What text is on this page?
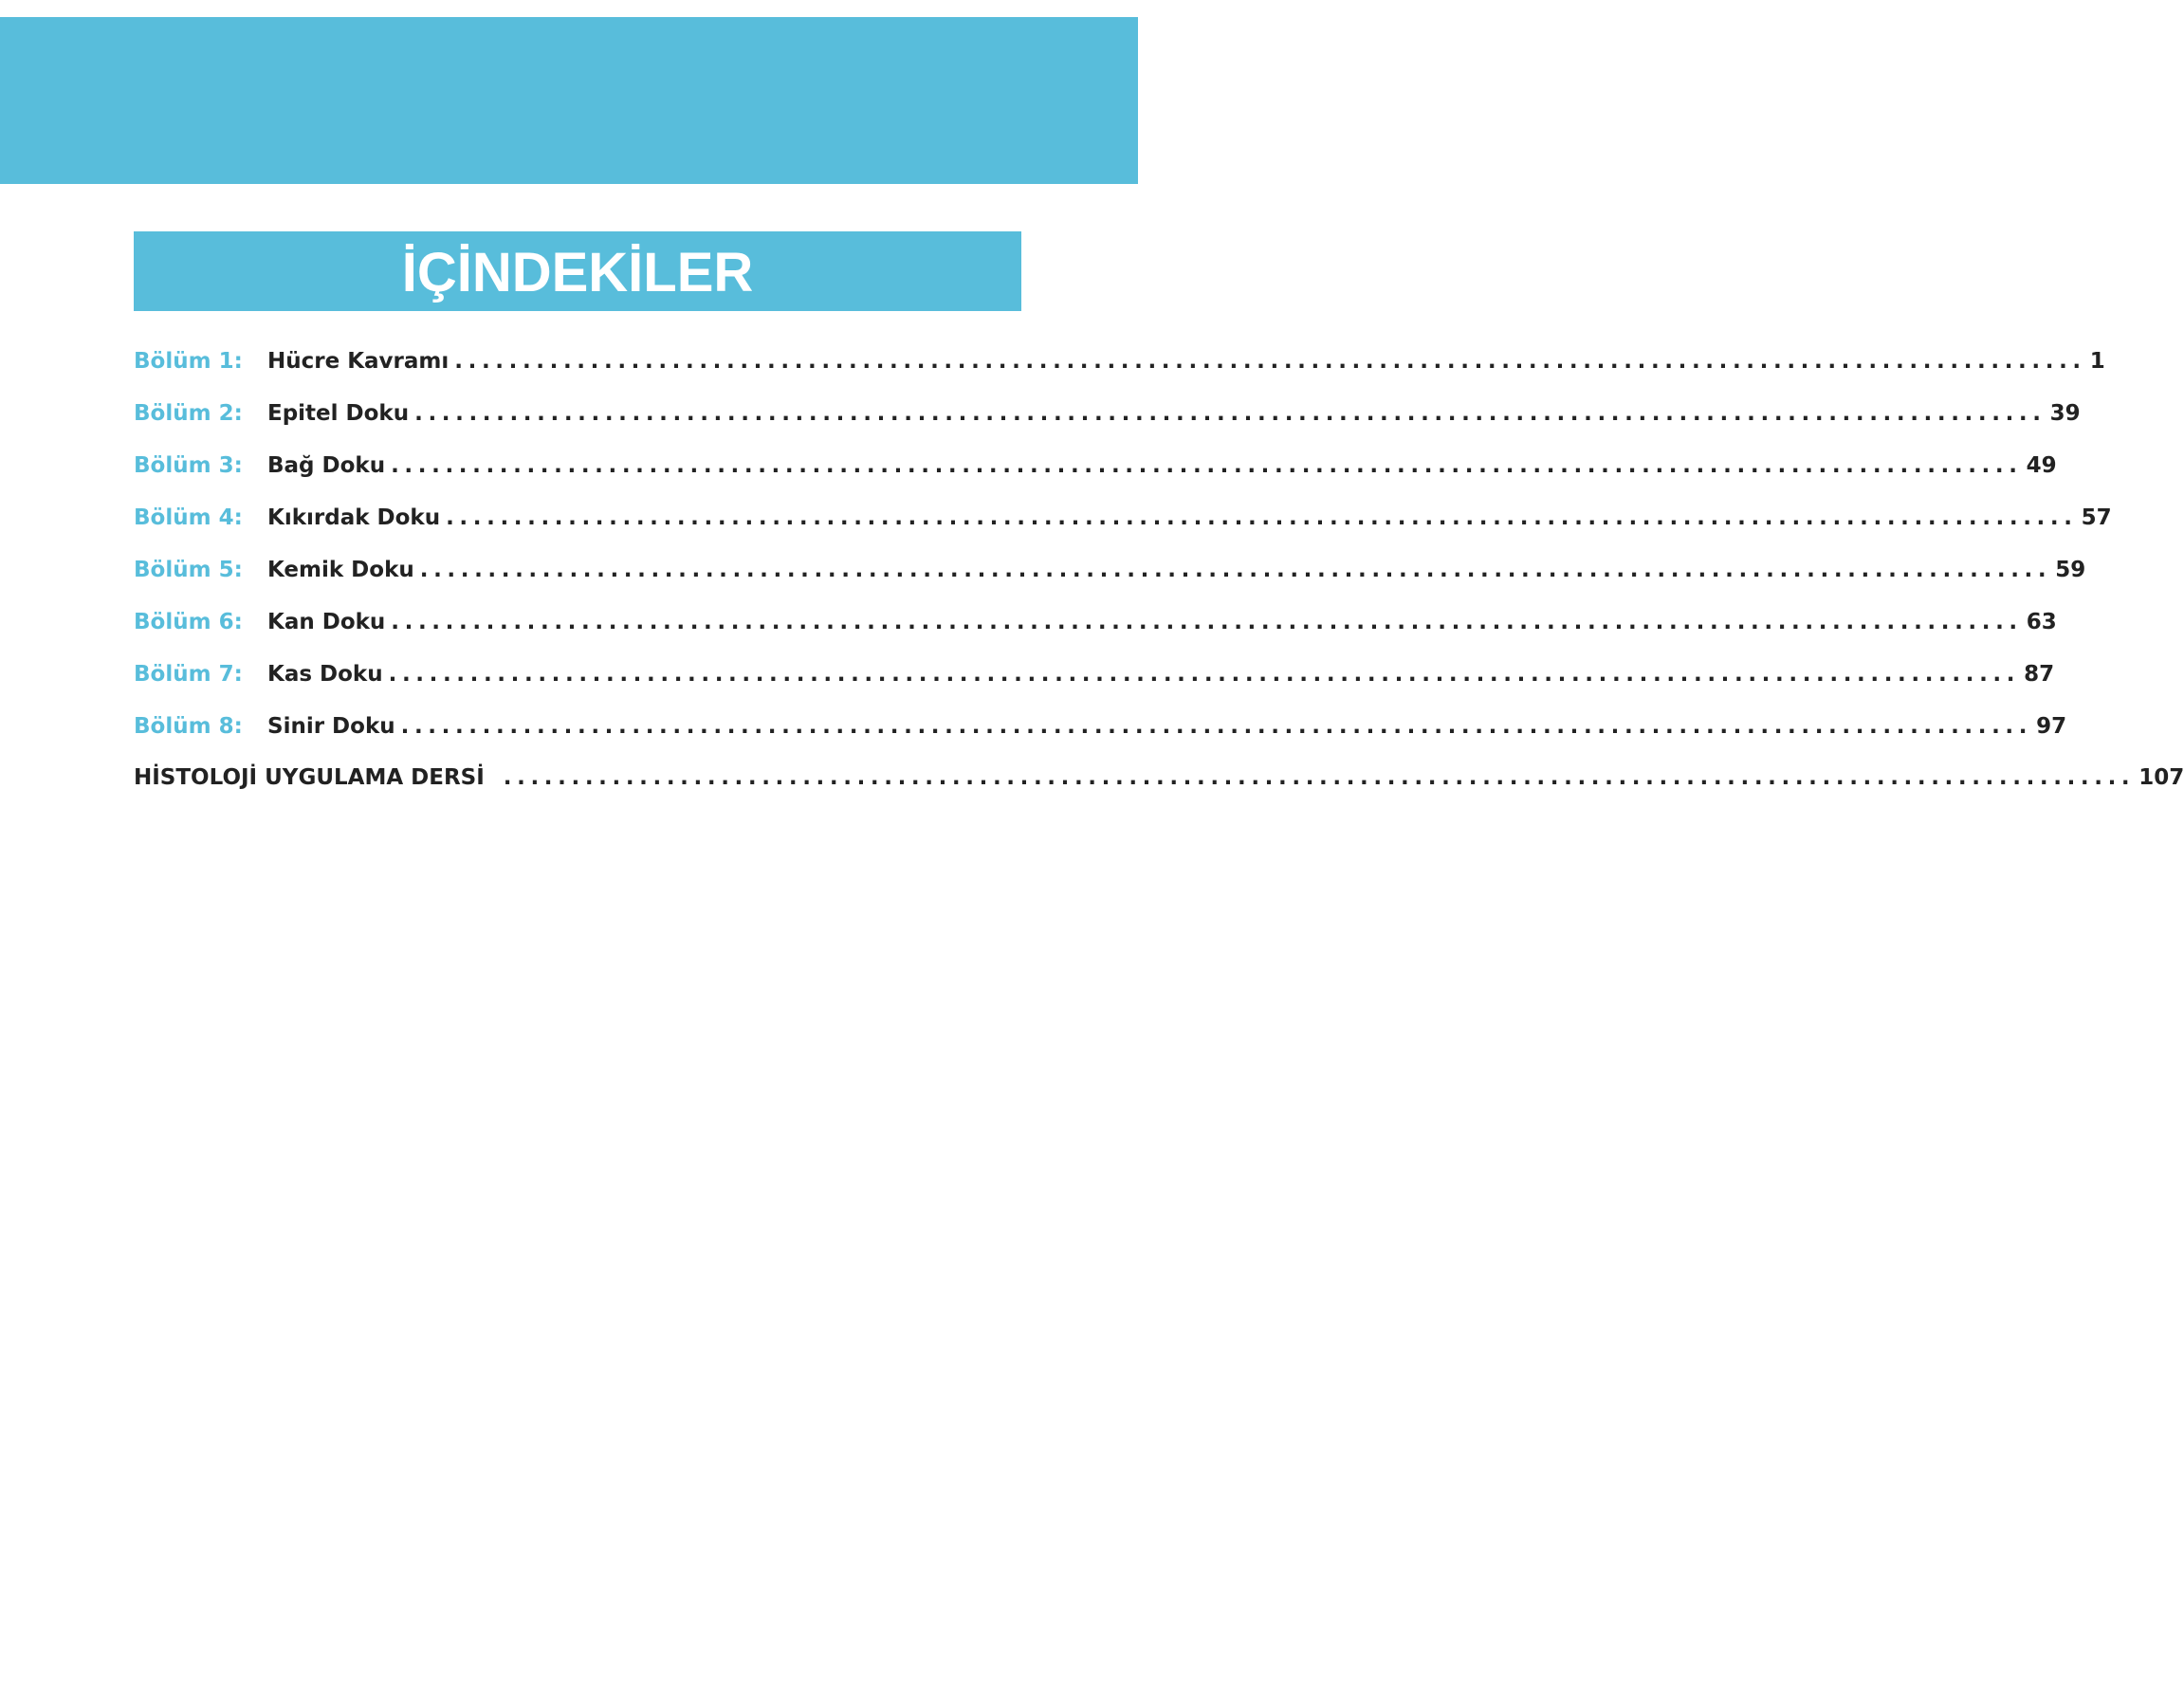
İÇİNDEKİLER
Bölüm 1:	Hücre Kavramı ........................................................................................................................ 1
Bölüm 2:	Epitel Doku ........................................................................................................................ 39
Bölüm 3:	Bağ Doku ........................................................................................................................ 49
Bölüm 4:	Kıkırdak Doku ........................................................................................................................ 57
Bölüm 5:	Kemik Doku ........................................................................................................................ 59
Bölüm 6:	Kan Doku ........................................................................................................................ 63
Bölüm 7:	Kas Doku ........................................................................................................................ 87
Bölüm 8:	Sinir Doku ........................................................................................................................ 97
HİSTOLOJİ UYGULAMA DERSİ ........................................................................................................................ 107
